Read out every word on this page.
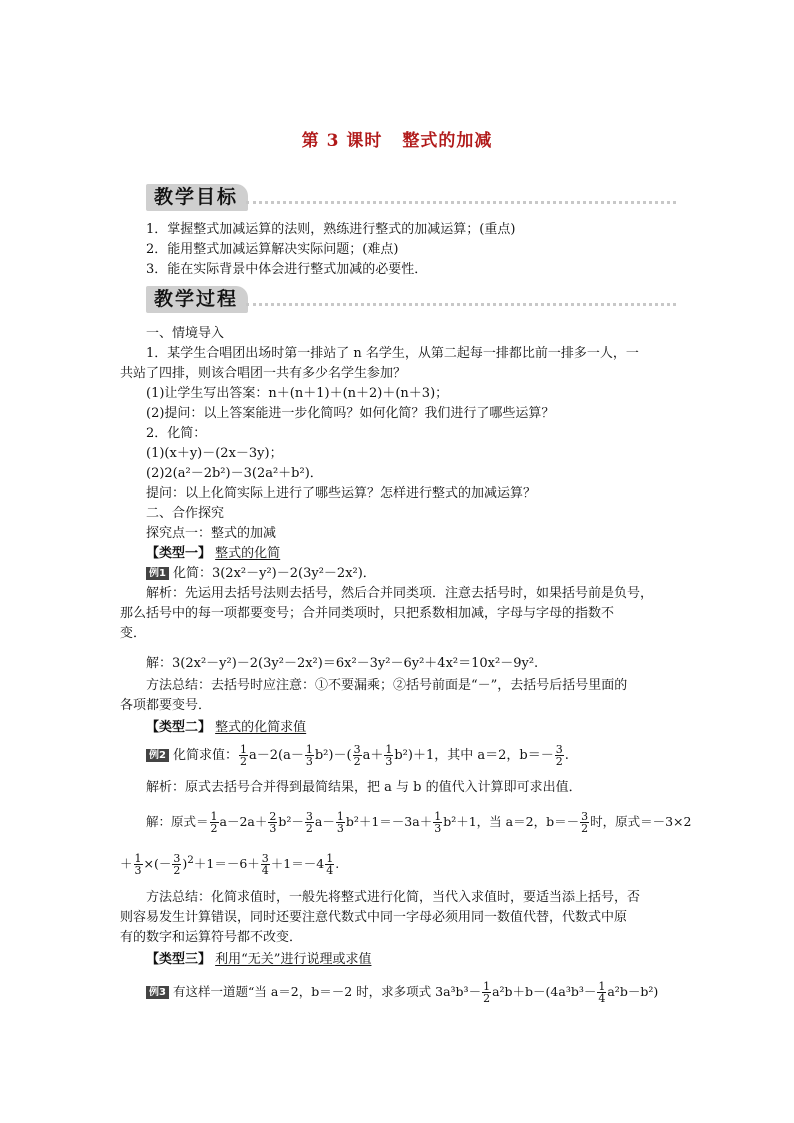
第 3 课时 整式的加减
教学目标
1．掌握整式加减运算的法则，熟练进行整式的加减运算；(重点)
2．能用整式加减运算解决实际问题；(难点)
3．能在实际背景中体会进行整式加减的必要性．
教学过程
一、情境导入
1．某学生合唱团出场时第一排站了 n 名学生，从第二起每一排都比前一排多一人，一
共站了四排，则该合唱团一共有多少名学生参加？
(1)让学生写出答案：n＋(n＋1)＋(n＋2)＋(n＋3)；
(2)提问：以上答案能进一步化简吗？如何化简？我们进行了哪些运算？
2．化简：
(1)(x＋y)－(2x－3y)；
(2)2(a²－2b²)－3(2a²＋b²)．
提问：以上化简实际上进行了哪些运算？怎样进行整式的加减运算？
二、合作探究
探究点一：整式的加减
【类型一】 整式的化简
例1 化简：3(2x²－y²)－2(3y²－2x²)．
解析：先运用去括号法则去括号，然后合并同类项．注意去括号时，如果括号前是负号，
那么括号中的每一项都要变号；合并同类项时，只把系数相加减，字母与字母的指数不
变．
解：3(2x²－y²)－2(3y²－2x²)＝6x²－3y²－6y²＋4x²＝10x²－9y².
方法总结：去括号时应注意：①不要漏乘；②括号前面是“－”，去括号后括号里面的
各项都要变号．
【类型二】 整式的化简求值
例2 化简求值： $\frac{1}{2} a-2(a- \frac{1}{3} b^2)-( \frac{3}{2} a+ \frac{1}{3} b^2)+1$，其中 a＝2，$b=- \frac{3}{2}$ .
解析：原式去括号合并得到最简结果，把 a 与 b 的值代入计算即可求出值．
解：原式＝ $\frac{1}{2} a-2a+ \frac{2}{3} b^2- \frac{3}{2} a- \frac{1}{3} b^2+1=-3a+ \frac{1}{3} b^2+1$，当 a＝2，$b=- \frac{3}{2}$ 时，原式＝－3×2
＋ $\frac{1}{3}$ ×(－ $\frac{3}{2} )^2+1=-6+ \frac{3}{4} +1=-4 \frac{1}{4}$ .
方法总结：化简求值时，一般先将整式进行化简，当代入求值时，要适当添上括号，否
则容易发生计算错误，同时还要注意代数式中同一字母必须用同一数值代替，代数式中原
有的数字和运算符号都不改变．
【类型三】 利用“无关”进行说理或求值
例3 有这样一道题“当 a＝2，b＝－2 时，求多项式 $3a^3b^3- \frac{1}{2} a^2b+b-(4a^3b^3- \frac{1}{4} a^2b-b^2)$
